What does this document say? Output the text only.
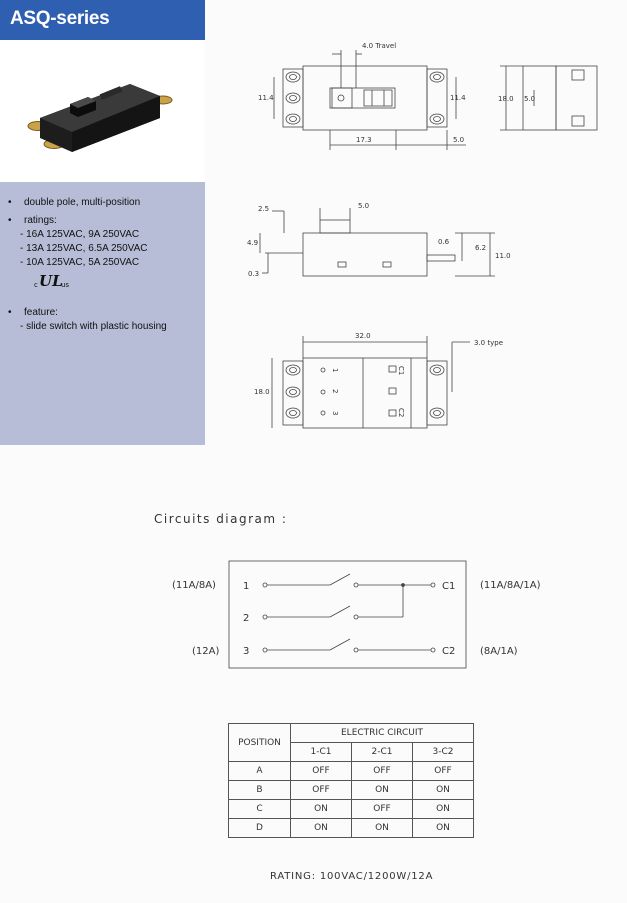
ASQ-series
• double pole, multi-position
• ratings:
- 16A 125VAC, 9A 250VAC
- 13A 125VAC, 6.5A 250VAC
- 10A 125VAC, 5A 250VAC
• feature:
- slide switch with plastic housing
c UL
us
4.0 Travel
11.4	11.4
17.3	5.0
18.0 5.0
2.5	5.0
4.9
0.3
0.6
6.2
11.0
32.0
3.0 type
18.0
1
2
3
C1
C2
Circuits diagram :
(11A/8A)
(12A)
1
2
3
C1
C2
(11A/8A/1A)
(8A/1A)
POSITION	ELECTRIC CIRCUIT		
	1-C1	2-C1	3-C2
A	OFF	OFF	OFF
B	OFF	ON	ON
C	ON	OFF	ON
D	ON	ON	ON
RATING: 100VAC/1200W/12A
